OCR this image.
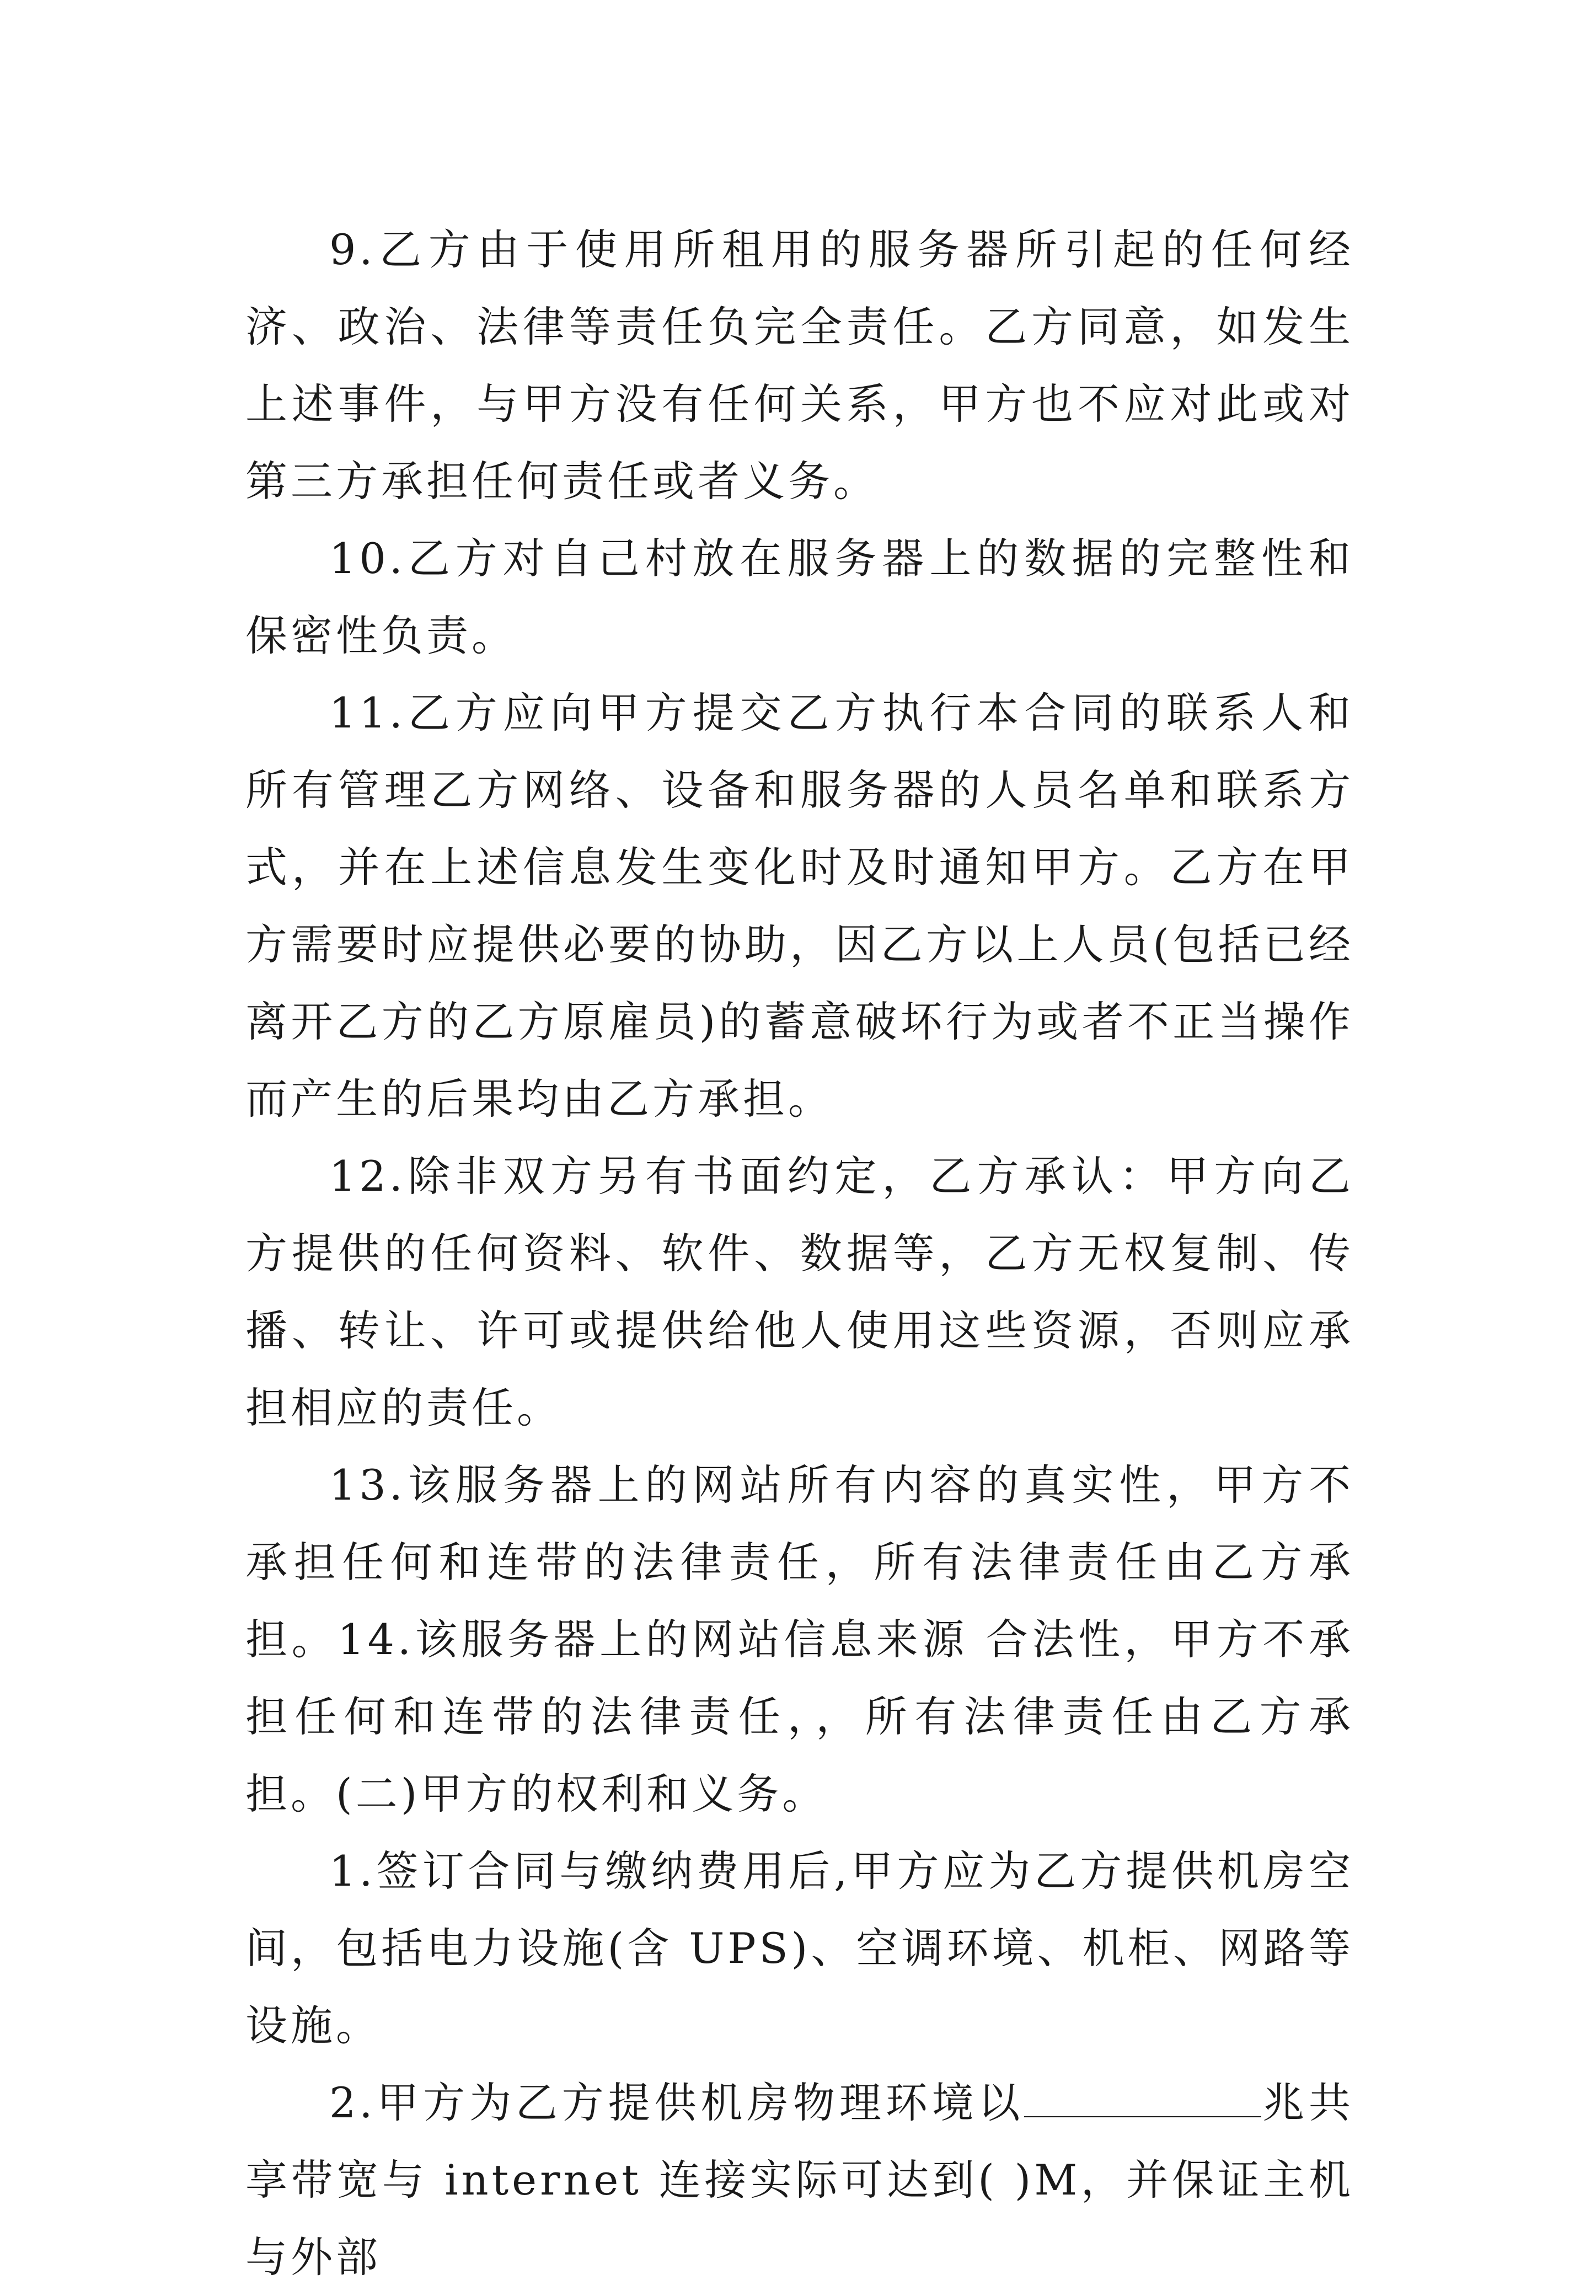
9.乙方由于使用所租用的服务器所引起的任何经济、政治、法律等责任负完全责任。乙方同意，如发生上述事件，与甲方没有任何关系，甲方也不应对此或对第三方承担任何责任或者义务。

10.乙方对自己村放在服务器上的数据的完整性和保密性负责。

11.乙方应向甲方提交乙方执行本合同的联系人和所有管理乙方网络、设备和服务器的人员名单和联系方式，并在上述信息发生变化时及时通知甲方。乙方在甲方需要时应提供必要的协助，因乙方以上人员(包括已经离开乙方的乙方原雇员)的蓄意破坏行为或者不正当操作而产生的后果均由乙方承担。

12.除非双方另有书面约定，乙方承认：甲方向乙方提供的任何资料、软件、数据等，乙方无权复制、传播、转让、许可或提供给他人使用这些资源，否则应承担相应的责任。

13.该服务器上的网站所有内容的真实性，甲方不承担任何和连带的法律责任，所有法律责任由乙方承担。14.该服务器上的网站信息来源 合法性，甲方不承担任何和连带的法律责任，，所有法律责任由乙方承担。(二)甲方的权利和义务。

1.签订合同与缴纳费用后,甲方应为乙方提供机房空间，包括电力设施(含 UPS)、空调环境、机柜、网路等设施。

2.甲方为乙方提供机房物理环境以	兆共享带宽与 internet 连接实际可达到( )M，并保证主机与外部
